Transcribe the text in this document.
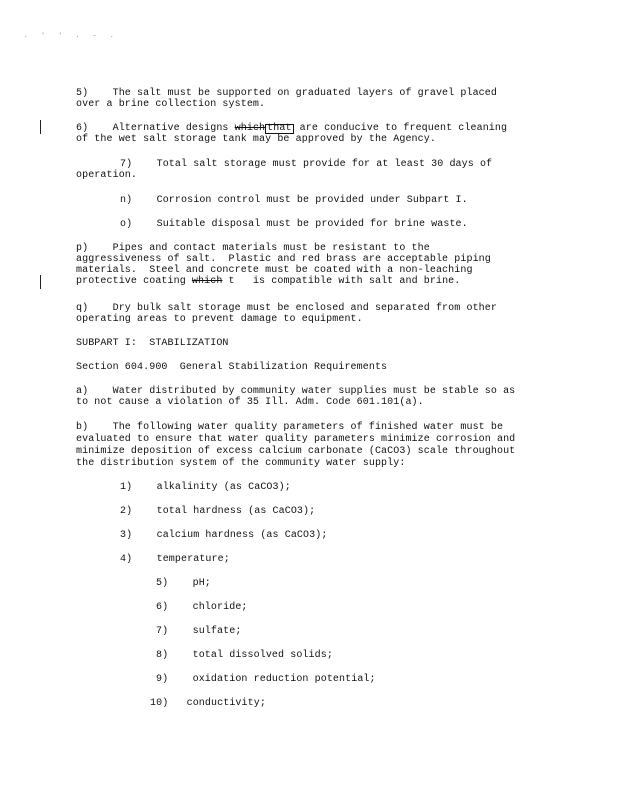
. ' ' . - .
5)    The salt must be supported on graduated layers of gravel placed
over a brine collection system.
6)    Alternative designs which that are conducive to frequent cleaning
of the wet salt storage tank may be approved by the Agency.
7)    Total salt storage must provide for at least 30 days of
operation.
n)    Corrosion control must be provided under Subpart I.
o)    Suitable disposal must be provided for brine waste.
p)    Pipes and contact materials must be resistant to the
aggressiveness of salt.  Plastic and red brass are acceptable piping
materials.  Steel and concrete must be coated with a non-leaching
protective coating which t   is compatible with salt and brine.
q)    Dry bulk salt storage must be enclosed and separated from other
operating areas to prevent damage to equipment.
SUBPART I:  STABILIZATION
Section 604.900  General Stabilization Requirements
a)    Water distributed by community water supplies must be stable so as
to not cause a violation of 35 Ill. Adm. Code 601.101(a).
b)    The following water quality parameters of finished water must be
evaluated to ensure that water quality parameters minimize corrosion and
minimize deposition of excess calcium carbonate (CaCO3) scale throughout
the distribution system of the community water supply:
1)    alkalinity (as CaCO3);
2)    total hardness (as CaCO3);
3)    calcium hardness (as CaCO3);
4)    temperature;
5)    pH;
6)    chloride;
7)    sulfate;
8)    total dissolved solids;
9)    oxidation reduction potential;
10)   conductivity;
